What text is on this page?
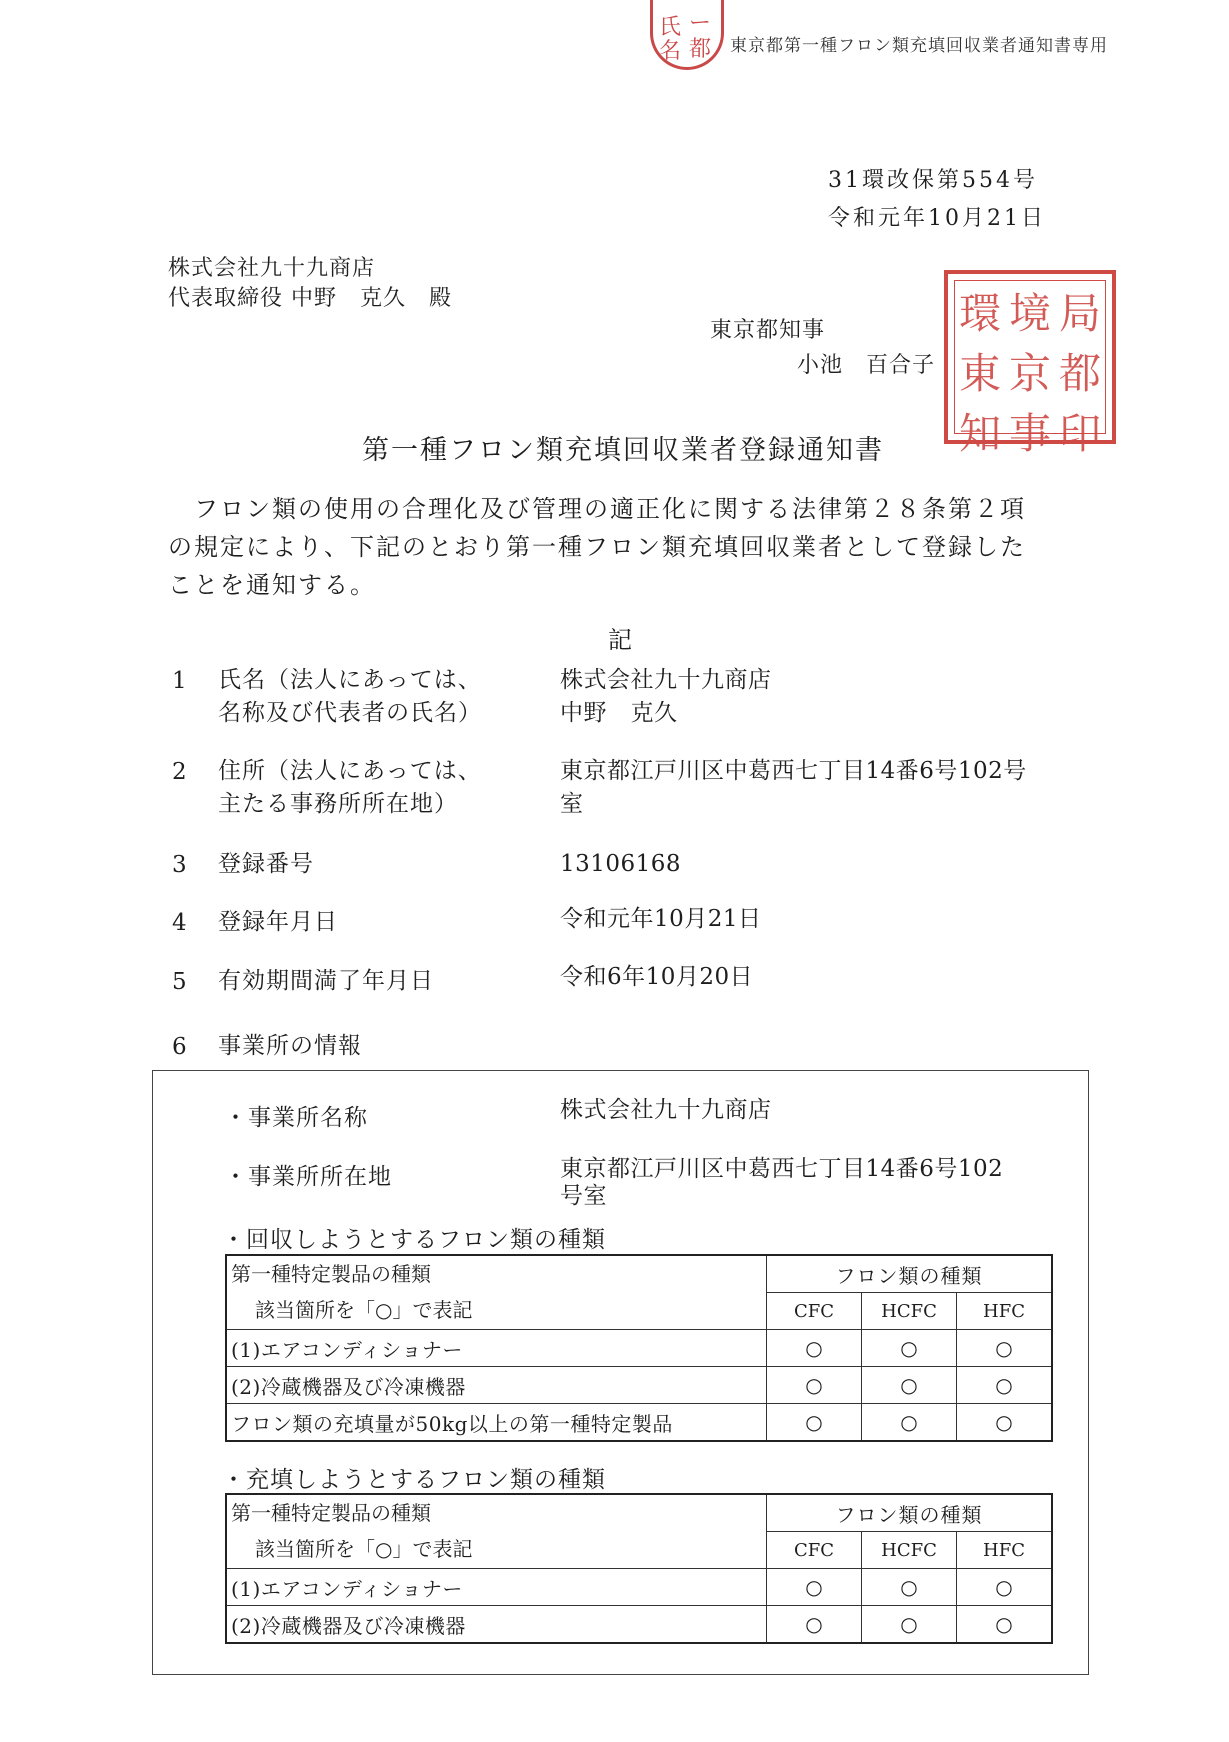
氏
名
ー
都 東京都第一種フロン類充填回収業者通知書専用
31環改保第554号
令和元年10月21日
株式会社九十九商店
代表取締役 中野　克久　殿
東京都知事
小池　百合子
環 境 局
東 京 都
知 事 印
第一種フロン類充填回収業者登録通知書
フロン類の使用の合理化及び管理の適正化に関する法律第２８条第２項の規定により、下記のとおり第一種フロン類充填回収業者として登録したことを通知する。
記
1 氏名（法人にあっては、
名称及び代表者の氏名）
株式会社九十九商店
中野　克久
2 住所（法人にあっては、
主たる事務所所在地）
東京都江戸川区中葛西七丁目14番6号102号
室
3 登録番号	13106168
4 登録年月日	令和元年10月21日
5 有効期間満了年月日	令和6年10月20日
6 事業所の情報
・事業所名称	株式会社九十九商店
・事業所所在地	東京都江戸川区中葛西七丁目14番6号102
号室
・回収しようとするフロン類の種類
第一種特定製品の種類
該当箇所を「○」で表記	フロン類の種類		
	CFC	HCFC	HFC
(1)エアコンディショナー	○	○	○
(2)冷蔵機器及び冷凍機器	○	○	○
フロン類の充填量が50kg以上の第一種特定製品	○	○	○
・充填しようとするフロン類の種類
第一種特定製品の種類
該当箇所を「○」で表記	フロン類の種類		
	CFC	HCFC	HFC
(1)エアコンディショナー	○	○	○
(2)冷蔵機器及び冷凍機器	○	○	○
